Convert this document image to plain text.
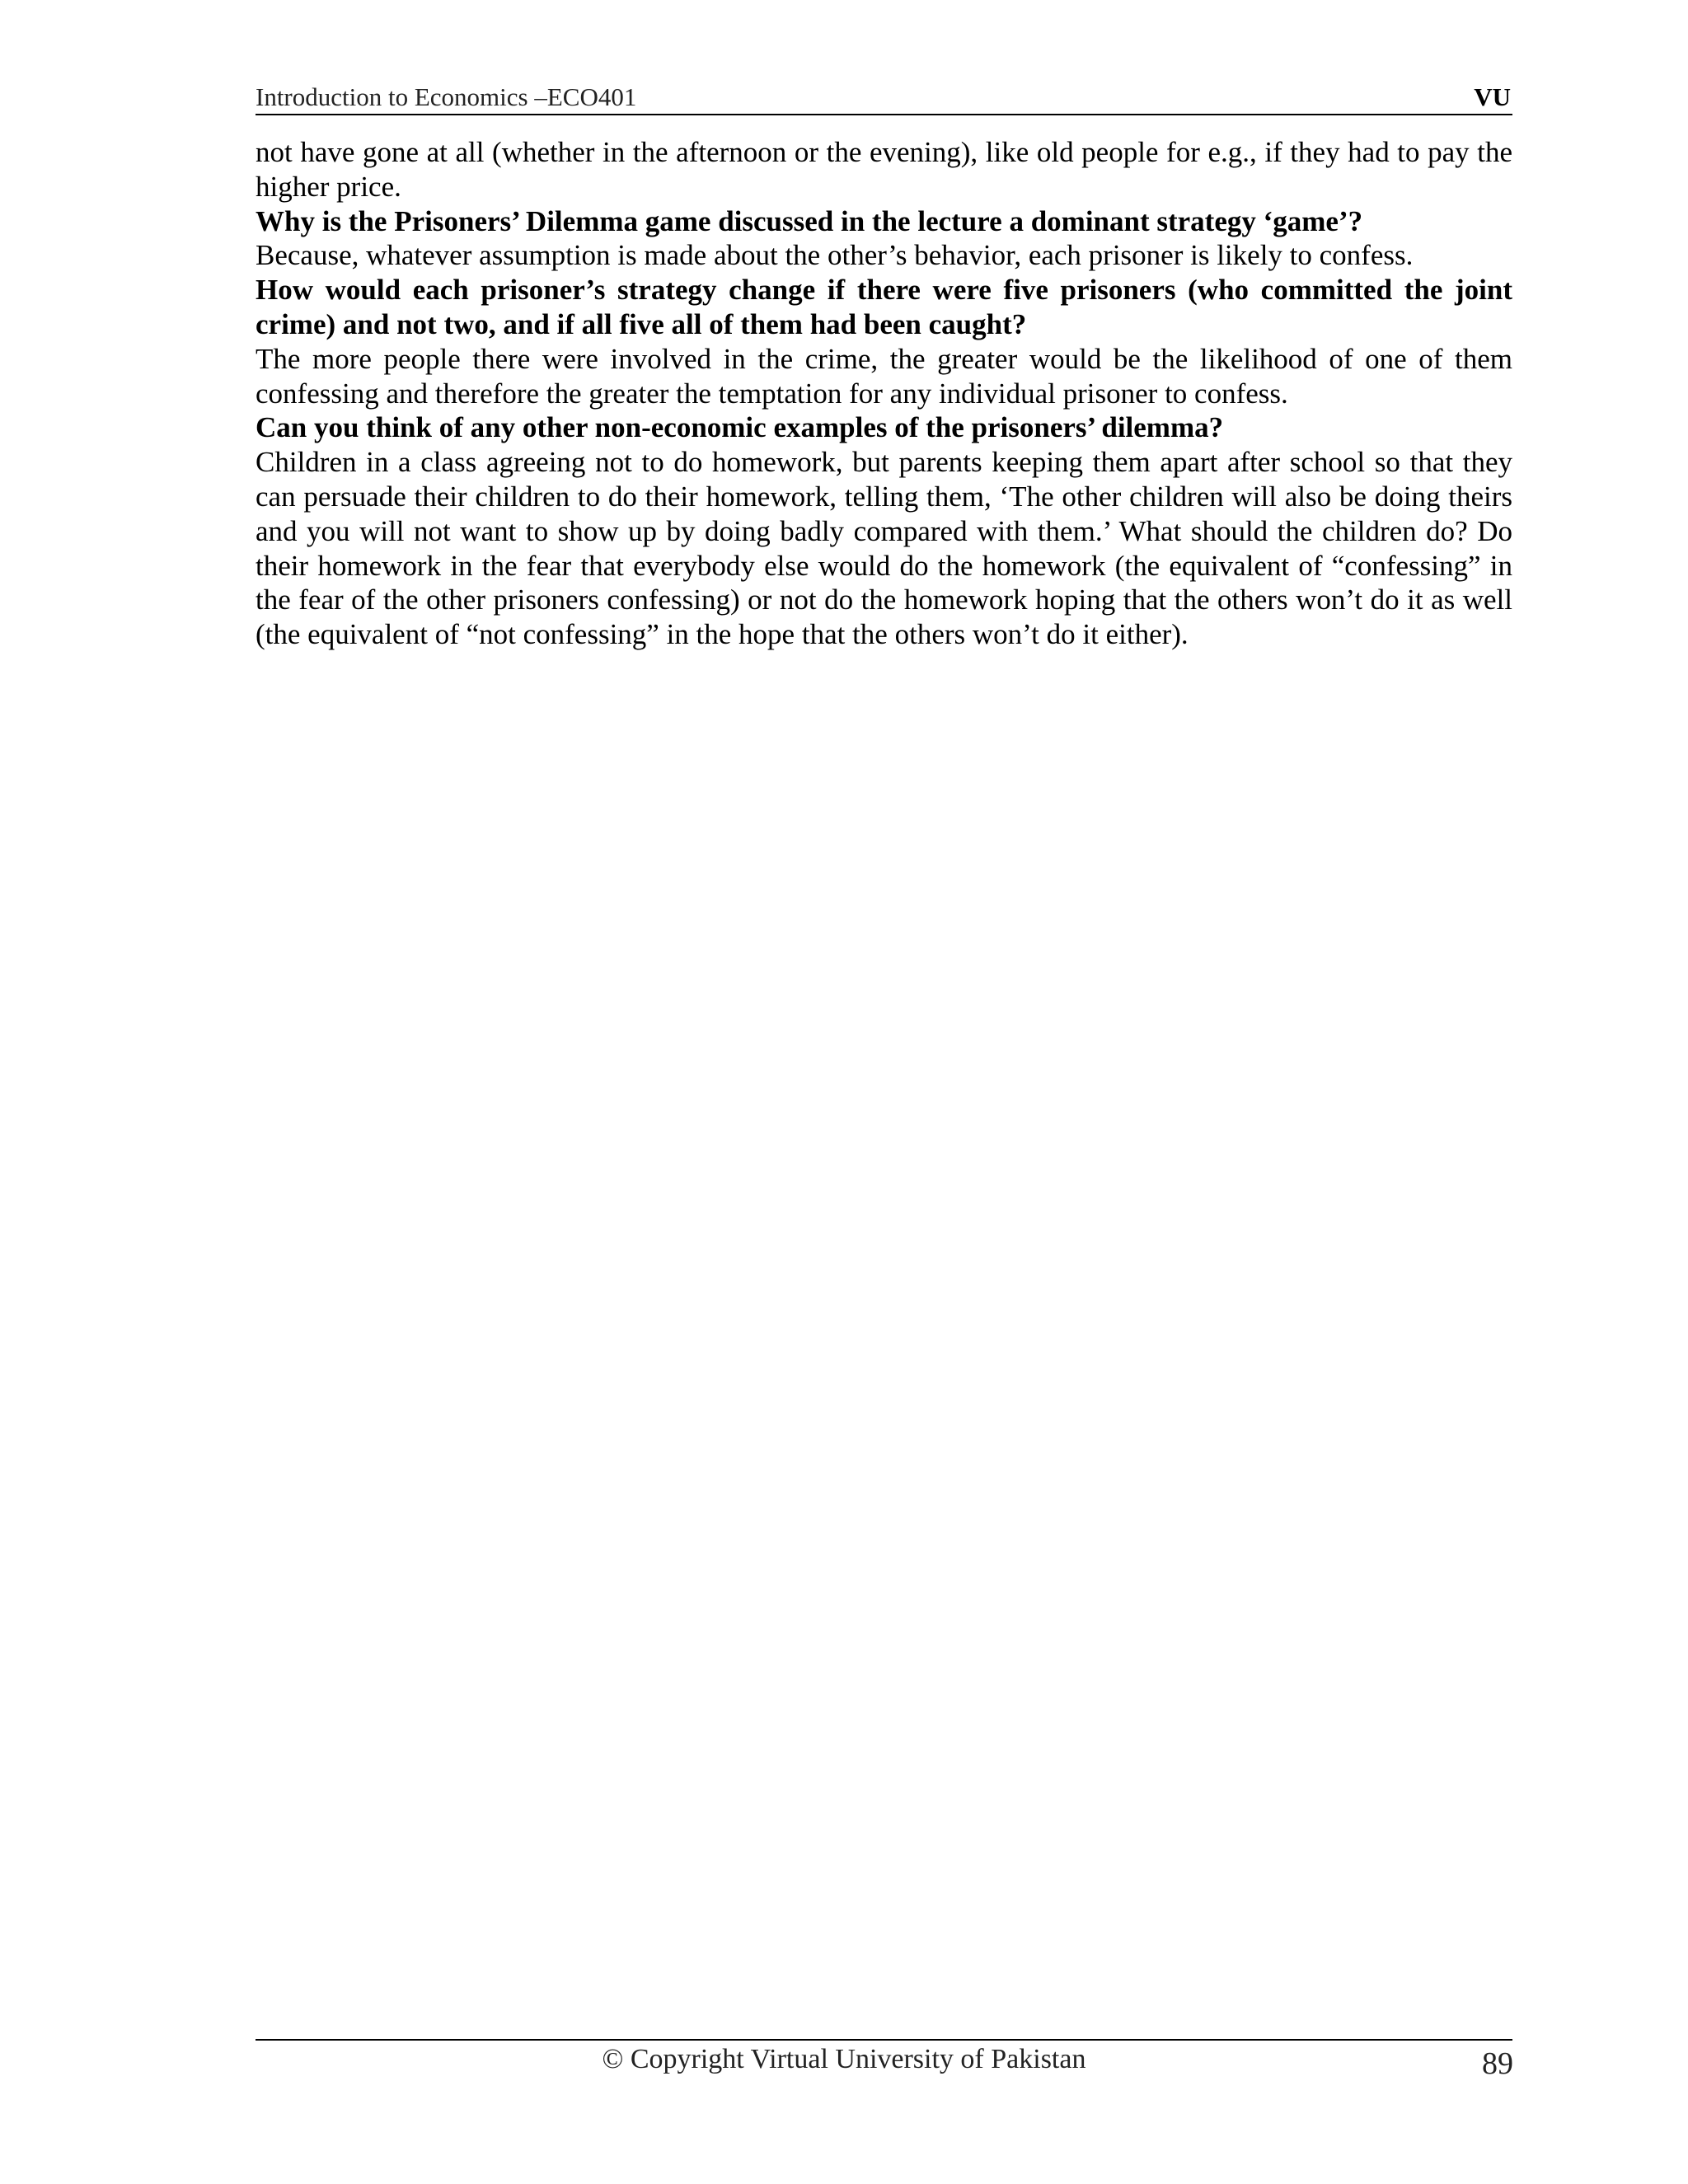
Introduction to Economics –ECO401	VU

not have gone at all (whether in the afternoon or the evening), like old people for e.g., if they had to pay the higher price.

Why is the Prisoners’ Dilemma game discussed in the lecture a dominant strategy ‘game’?

Because, whatever assumption is made about the other’s behavior, each prisoner is likely to confess.

How would each prisoner’s strategy change if there were five prisoners (who committed the joint crime) and not two, and if all five all of them had been caught?

The more people there were involved in the crime, the greater would be the likelihood of one of them confessing and therefore the greater the temptation for any individual prisoner to confess.

Can you think of any other non-economic examples of the prisoners’ dilemma?

Children in a class agreeing not to do homework, but parents keeping them apart after school so that they can persuade their children to do their homework, telling them, ‘The other children will also be doing theirs and you will not want to show up by doing badly compared with them.’ What should the children do? Do their homework in the fear that everybody else would do the homework (the equivalent of “confessing” in the fear of the other prisoners confessing) or not do the homework hoping that the others won’t do it as well (the equivalent of “not confessing” in the hope that the others won’t do it either).

© Copyright Virtual University of Pakistan	89
